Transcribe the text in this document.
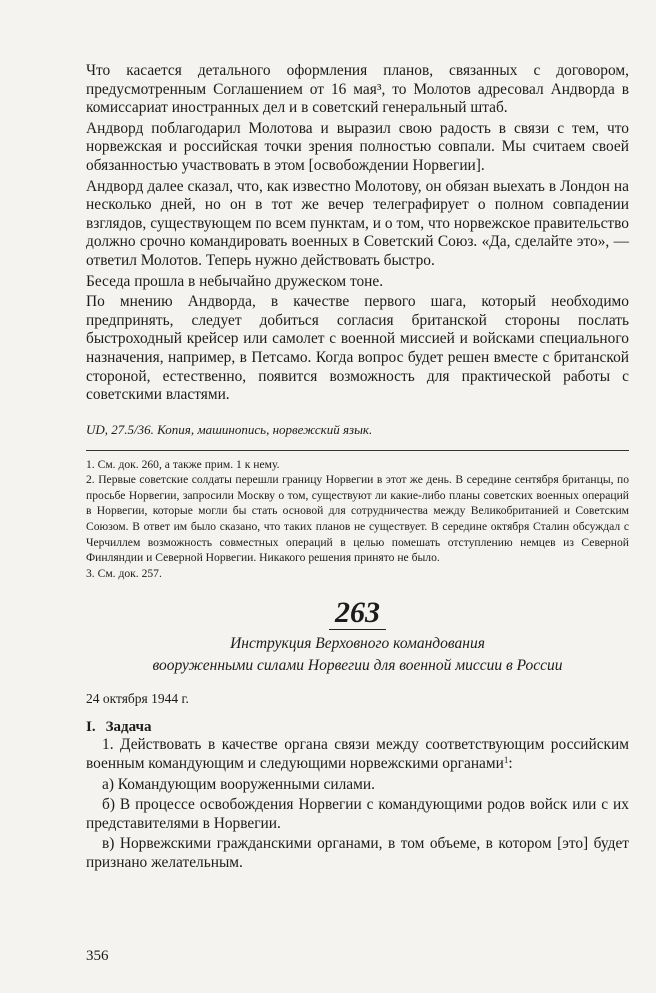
Что касается детального оформления планов, связанных с договором, предусмотренным Соглашением от 16 мая³, то Молотов адресовал Андворда в комиссариат иностранных дел и в советский генеральный штаб.

Андворд поблагодарил Молотова и выразил свою радость в связи с тем, что норвежская и российская точки зрения полностью совпали. Мы считаем своей обязанностью участвовать в этом [освобождении Норвегии].

Андворд далее сказал, что, как известно Молотову, он обязан выехать в Лондон на несколько дней, но он в тот же вечер телеграфирует о полном совпадении взглядов, существующем по всем пунктам, и о том, что норвежское правительство должно срочно командировать военных в Советский Союз. «Да, сделайте это», — ответил Молотов. Теперь нужно действовать быстро.

Беседа прошла в небычайно дружеском тоне.

По мнению Андворда, в качестве первого шага, который необходимо предпринять, следует добиться согласия британской стороны послать быстроходный крейсер или самолет с военной миссией и войсками специального назначения, например, в Петсамо. Когда вопрос будет решен вместе с британской стороной, естественно, появится возможность для практической работы с советскими властями.

UD, 27.5/36. Копия, машинопись, норвежский язык.

1. См. док. 260, а также прим. 1 к нему.

2. Первые советские солдаты перешли границу Норвегии в этот же день. В середине сентября британцы, по просьбе Норвегии, запросили Москву о том, существуют ли какие-либо планы советских военных операций в Норвегии, которые могли бы стать основой для сотрудничества между Великобританией и Советским Союзом. В ответ им было сказано, что таких планов не существует. В середине октября Сталин обсуждал с Черчиллем возможность совместных операций в целью помешать отступлению немцев из Северной Финляндии и Северной Норвегии. Никакого решения принято не было.

3. См. док. 257.

263
Инструкция Верховного командования
вооруженными силами Норвегии для военной миссии в России
24 октября 1944 г.
I. Задача

1. Действовать в качестве органа связи между соответствующим российским военным командующим и следующими норвежскими органами$^1$:

а) Командующим вооруженными силами.

б) В процессе освобождения Норвегии с командующими родов войск или с их представителями в Норвегии.

в) Норвежскими гражданскими органами, в том объеме, в котором [это] будет признано желательным.

356
